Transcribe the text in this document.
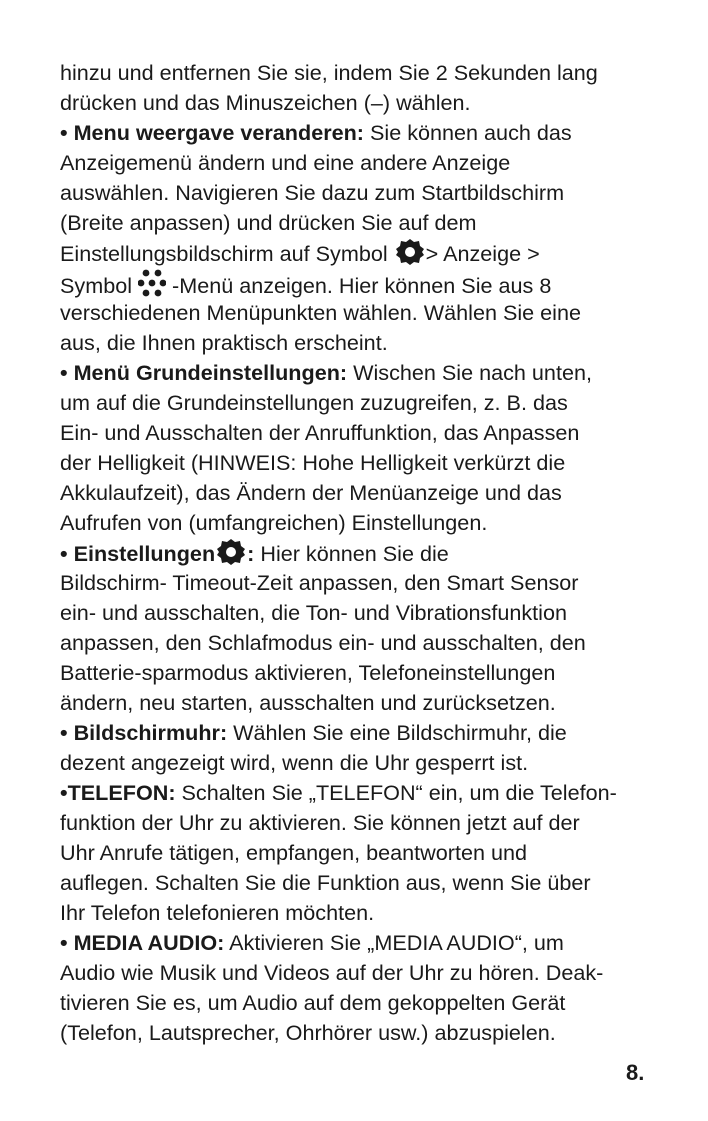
hinzu und entfernen Sie sie, indem Sie 2 Sekunden lang
drücken und das Minuszeichen (–) wählen.
• Menu weergave veranderen: Sie können auch das
Anzeigemenü ändern und eine andere Anzeige
auswählen. Navigieren Sie dazu zum Startbildschirm
(Breite anpassen) und drücken Sie auf dem
Einstellungsbildschirm auf Symbol > Anzeige >
Symbol  -Menü anzeigen. Hier können Sie aus 8
verschiedenen Menüpunkten wählen. Wählen Sie eine
aus, die Ihnen praktisch erscheint.
• Menü Grundeinstellungen: Wischen Sie nach unten,
um auf die Grundeinstellungen zuzugreifen, z. B. das
Ein- und Ausschalten der Anruffunktion, das Anpassen
der Helligkeit (HINWEIS: Hohe Helligkeit verkürzt die
Akkulaufzeit), das Ändern der Menüanzeige und das
Aufrufen von (umfangreichen) Einstellungen.
• Einstellungen : Hier können Sie die
Bildschirm- Timeout-Zeit anpassen, den Smart Sensor
ein- und ausschalten, die Ton- und Vibrationsfunktion
anpassen, den Schlafmodus ein- und ausschalten, den
Batterie-sparmodus aktivieren, Telefoneinstellungen
ändern, neu starten, ausschalten und zurücksetzen.
• Bildschirmuhr: Wählen Sie eine Bildschirmuhr, die
dezent angezeigt wird, wenn die Uhr gesperrt ist.
•TELEFON: Schalten Sie „TELEFON“ ein, um die Telefon-
funktion der Uhr zu aktivieren. Sie können jetzt auf der
Uhr Anrufe tätigen, empfangen, beantworten und
auflegen. Schalten Sie die Funktion aus, wenn Sie über
Ihr Telefon telefonieren möchten.
• MEDIA AUDIO: Aktivieren Sie „MEDIA AUDIO“, um
Audio wie Musik und Videos auf der Uhr zu hören. Deak-
tivieren Sie es, um Audio auf dem gekoppelten Gerät
(Telefon, Lautsprecher, Ohrhörer usw.) abzuspielen.
8.
